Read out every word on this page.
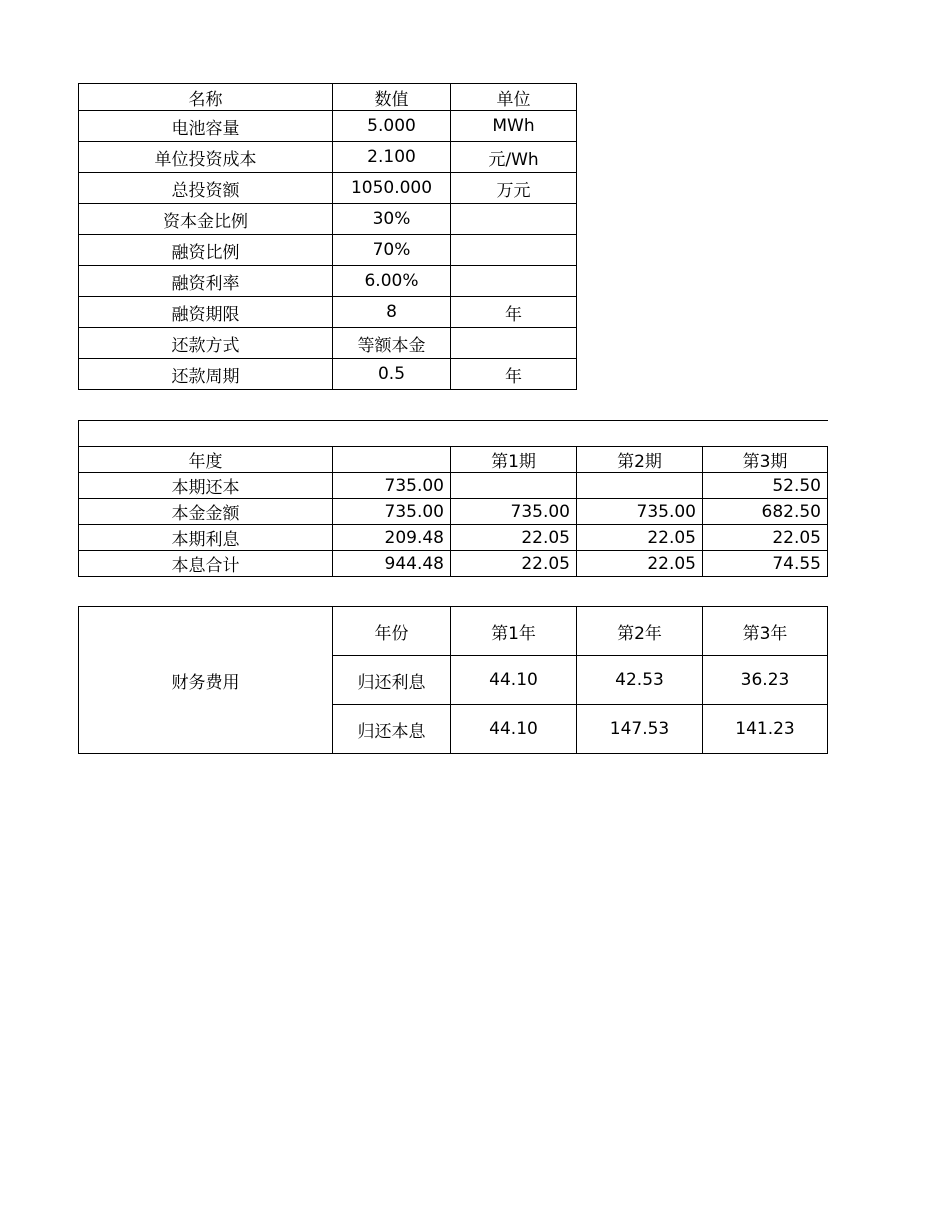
名称	数值	单位
电池容量	5.000	MWh
单位投资成本	2.100	元/Wh
总投资额	1050.000	万元
资本金比例	30%	
融资比例	70%	
融资利率	6.00%	
融资期限	8	年
还款方式	等额本金	
还款周期	0.5	年

年度		第1期	第2期	第3期
本期还本	735.00			52.50
本金金额	735.00	735.00	735.00	682.50
本期利息	209.48	22.05	22.05	22.05
本息合计	944.48	22.05	22.05	74.55
财务费用	年份	第1年	第2年	第3年
	归还利息	44.10	42.53	36.23
	归还本息	44.10	147.53	141.23
